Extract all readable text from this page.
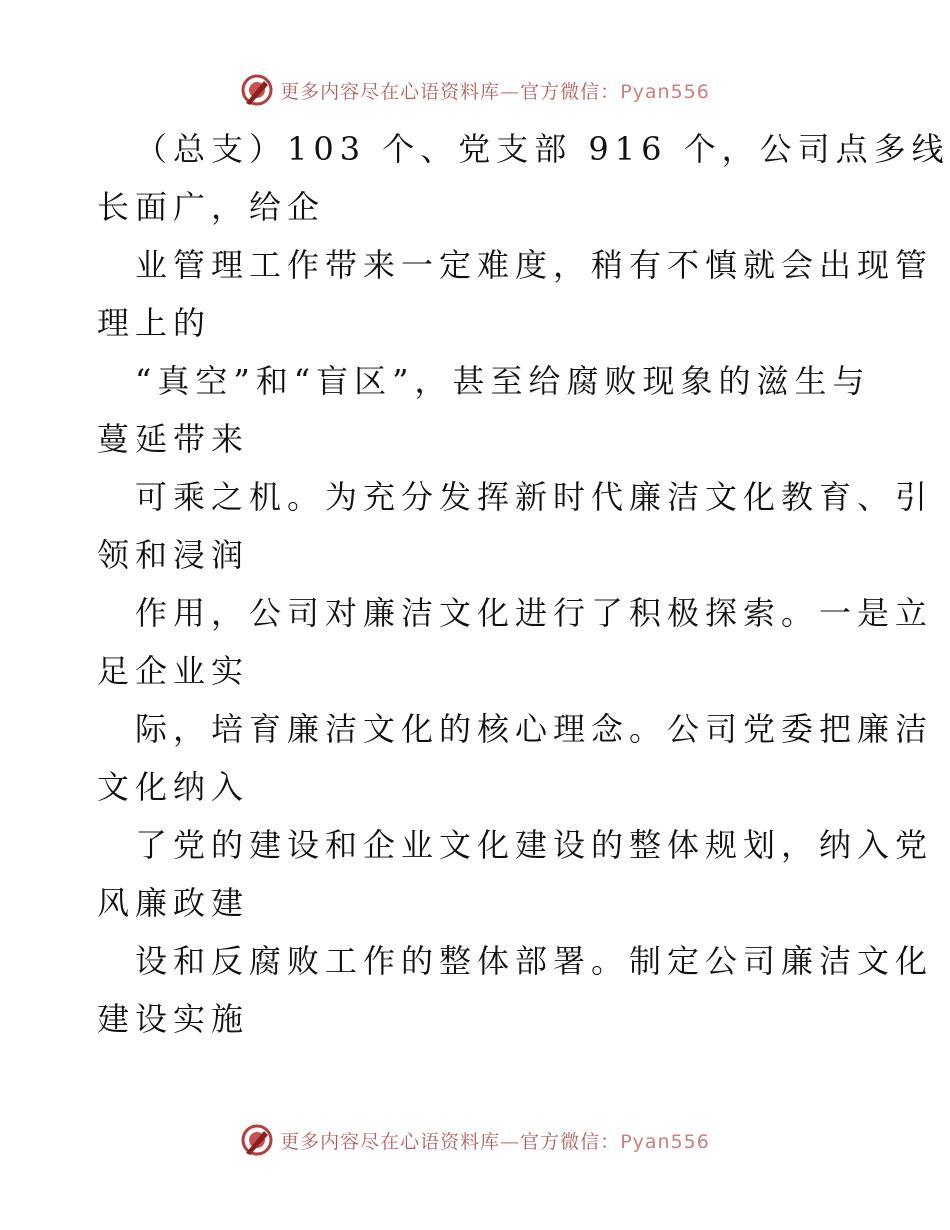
更多内容尽在心语资料库—官方微信：Pyan556

（总支）103 个、党支部 916 个，公司点多线
长面广，给企

业管理工作带来一定难度，稍有不慎就会出现管
理上的

“真空”和“盲区”，甚至给腐败现象的滋生与
蔓延带来

可乘之机。为充分发挥新时代廉洁文化教育、引
领和浸润

作用，公司对廉洁文化进行了积极探索。一是立
足企业实

际，培育廉洁文化的核心理念。公司党委把廉洁
文化纳入

了党的建设和企业文化建设的整体规划，纳入党
风廉政建

设和反腐败工作的整体部署。制定公司廉洁文化
建设实施

更多内容尽在心语资料库—官方微信：Pyan556
